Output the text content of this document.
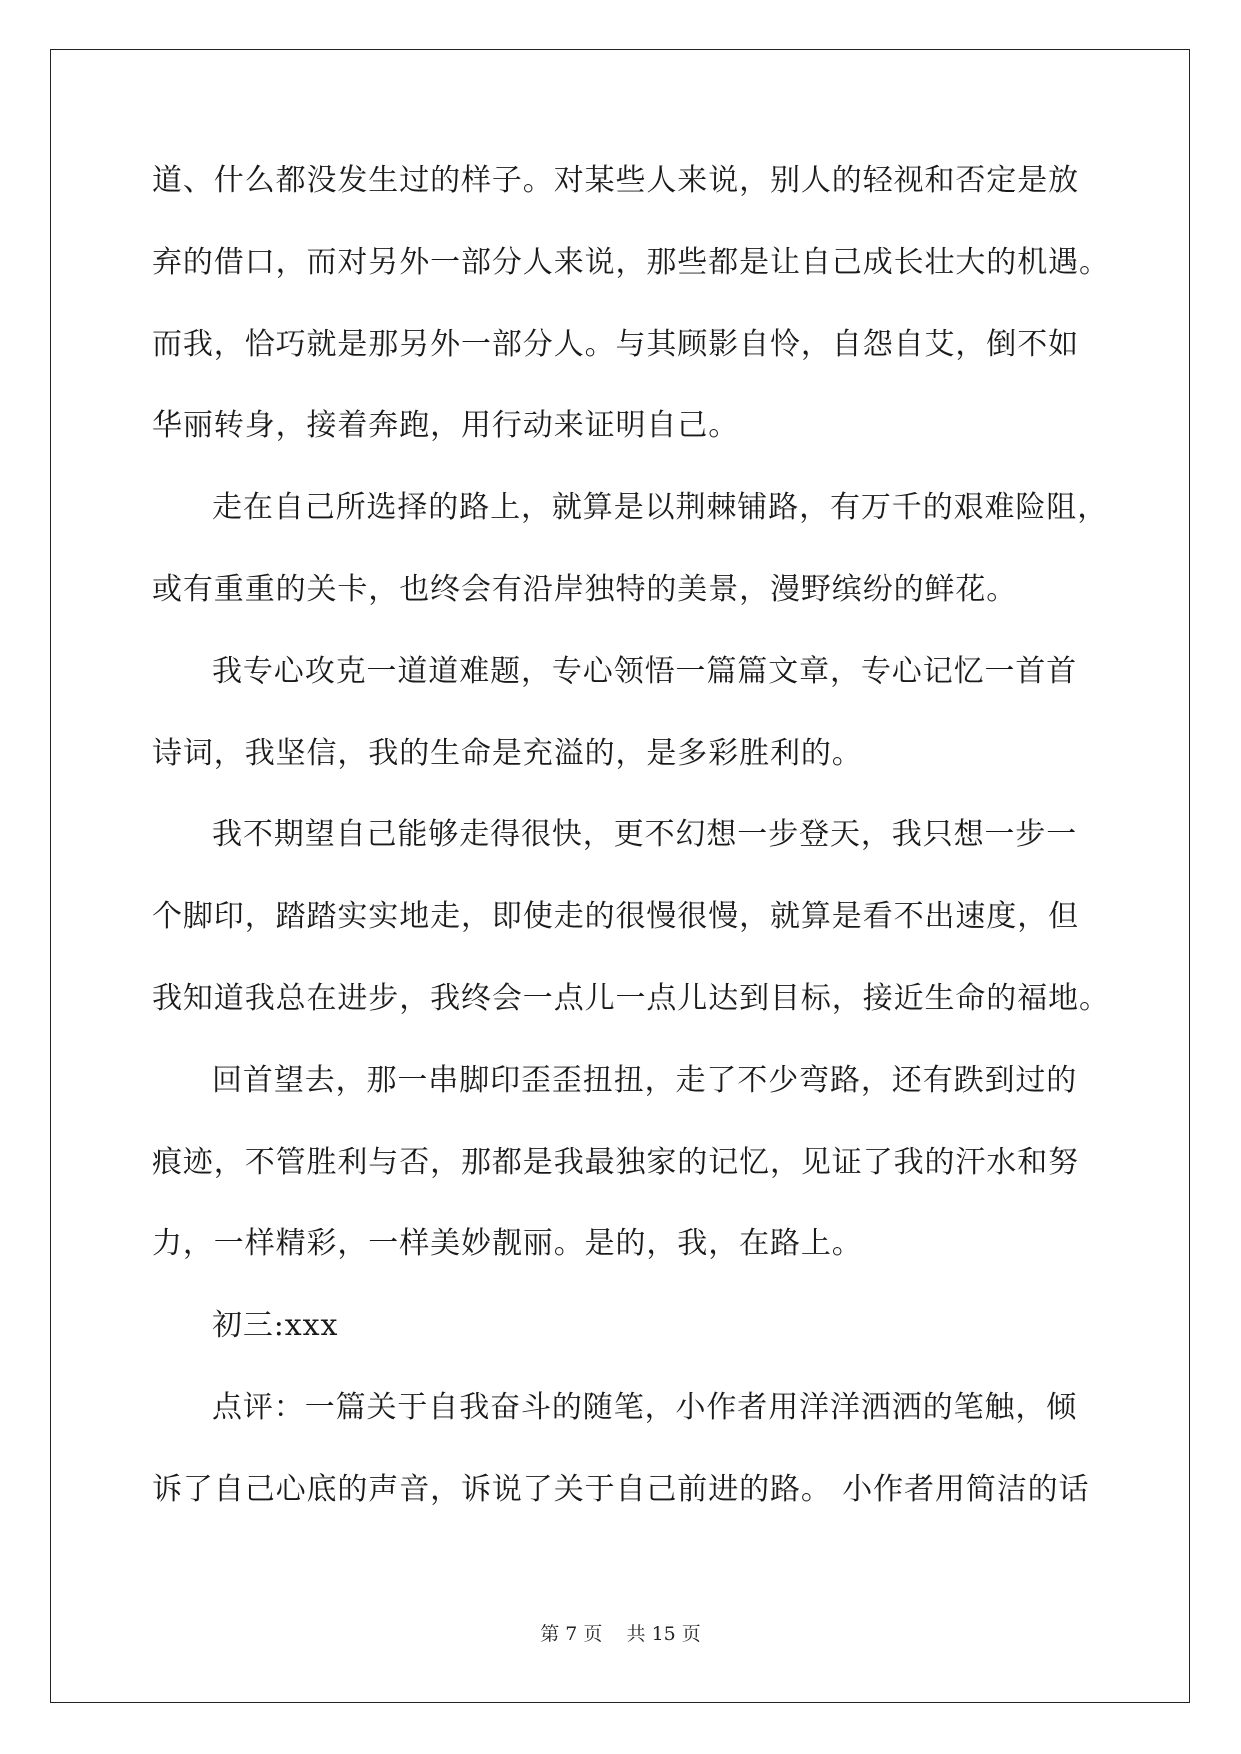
道、什么都没发生过的样子。对某些人来说，别人的轻视和否定是放
弃的借口，而对另外一部分人来说，那些都是让自己成长壮大的机遇。
而我，恰巧就是那另外一部分人。与其顾影自怜，自怨自艾，倒不如
华丽转身，接着奔跑，用行动来证明自己。
走在自己所选择的路上，就算是以荆棘铺路，有万千的艰难险阻，
或有重重的关卡，也终会有沿岸独特的美景，漫野缤纷的鲜花。
我专心攻克一道道难题，专心领悟一篇篇文章，专心记忆一首首
诗词，我坚信，我的生命是充溢的，是多彩胜利的。
我不期望自己能够走得很快，更不幻想一步登天，我只想一步一
个脚印，踏踏实实地走，即使走的很慢很慢，就算是看不出速度，但
我知道我总在进步，我终会一点儿一点儿达到目标，接近生命的福地。
回首望去，那一串脚印歪歪扭扭，走了不少弯路，还有跌到过的
痕迹，不管胜利与否，那都是我最独家的记忆，见证了我的汗水和努
力，一样精彩，一样美妙靓丽。是的，我，在路上。
初三:xxx
点评：一篇关于自我奋斗的随笔，小作者用洋洋洒洒的笔触，倾
诉了自己心底的声音，诉说了关于自己前进的路。 小作者用简洁的话
第 7 页    共 15 页
